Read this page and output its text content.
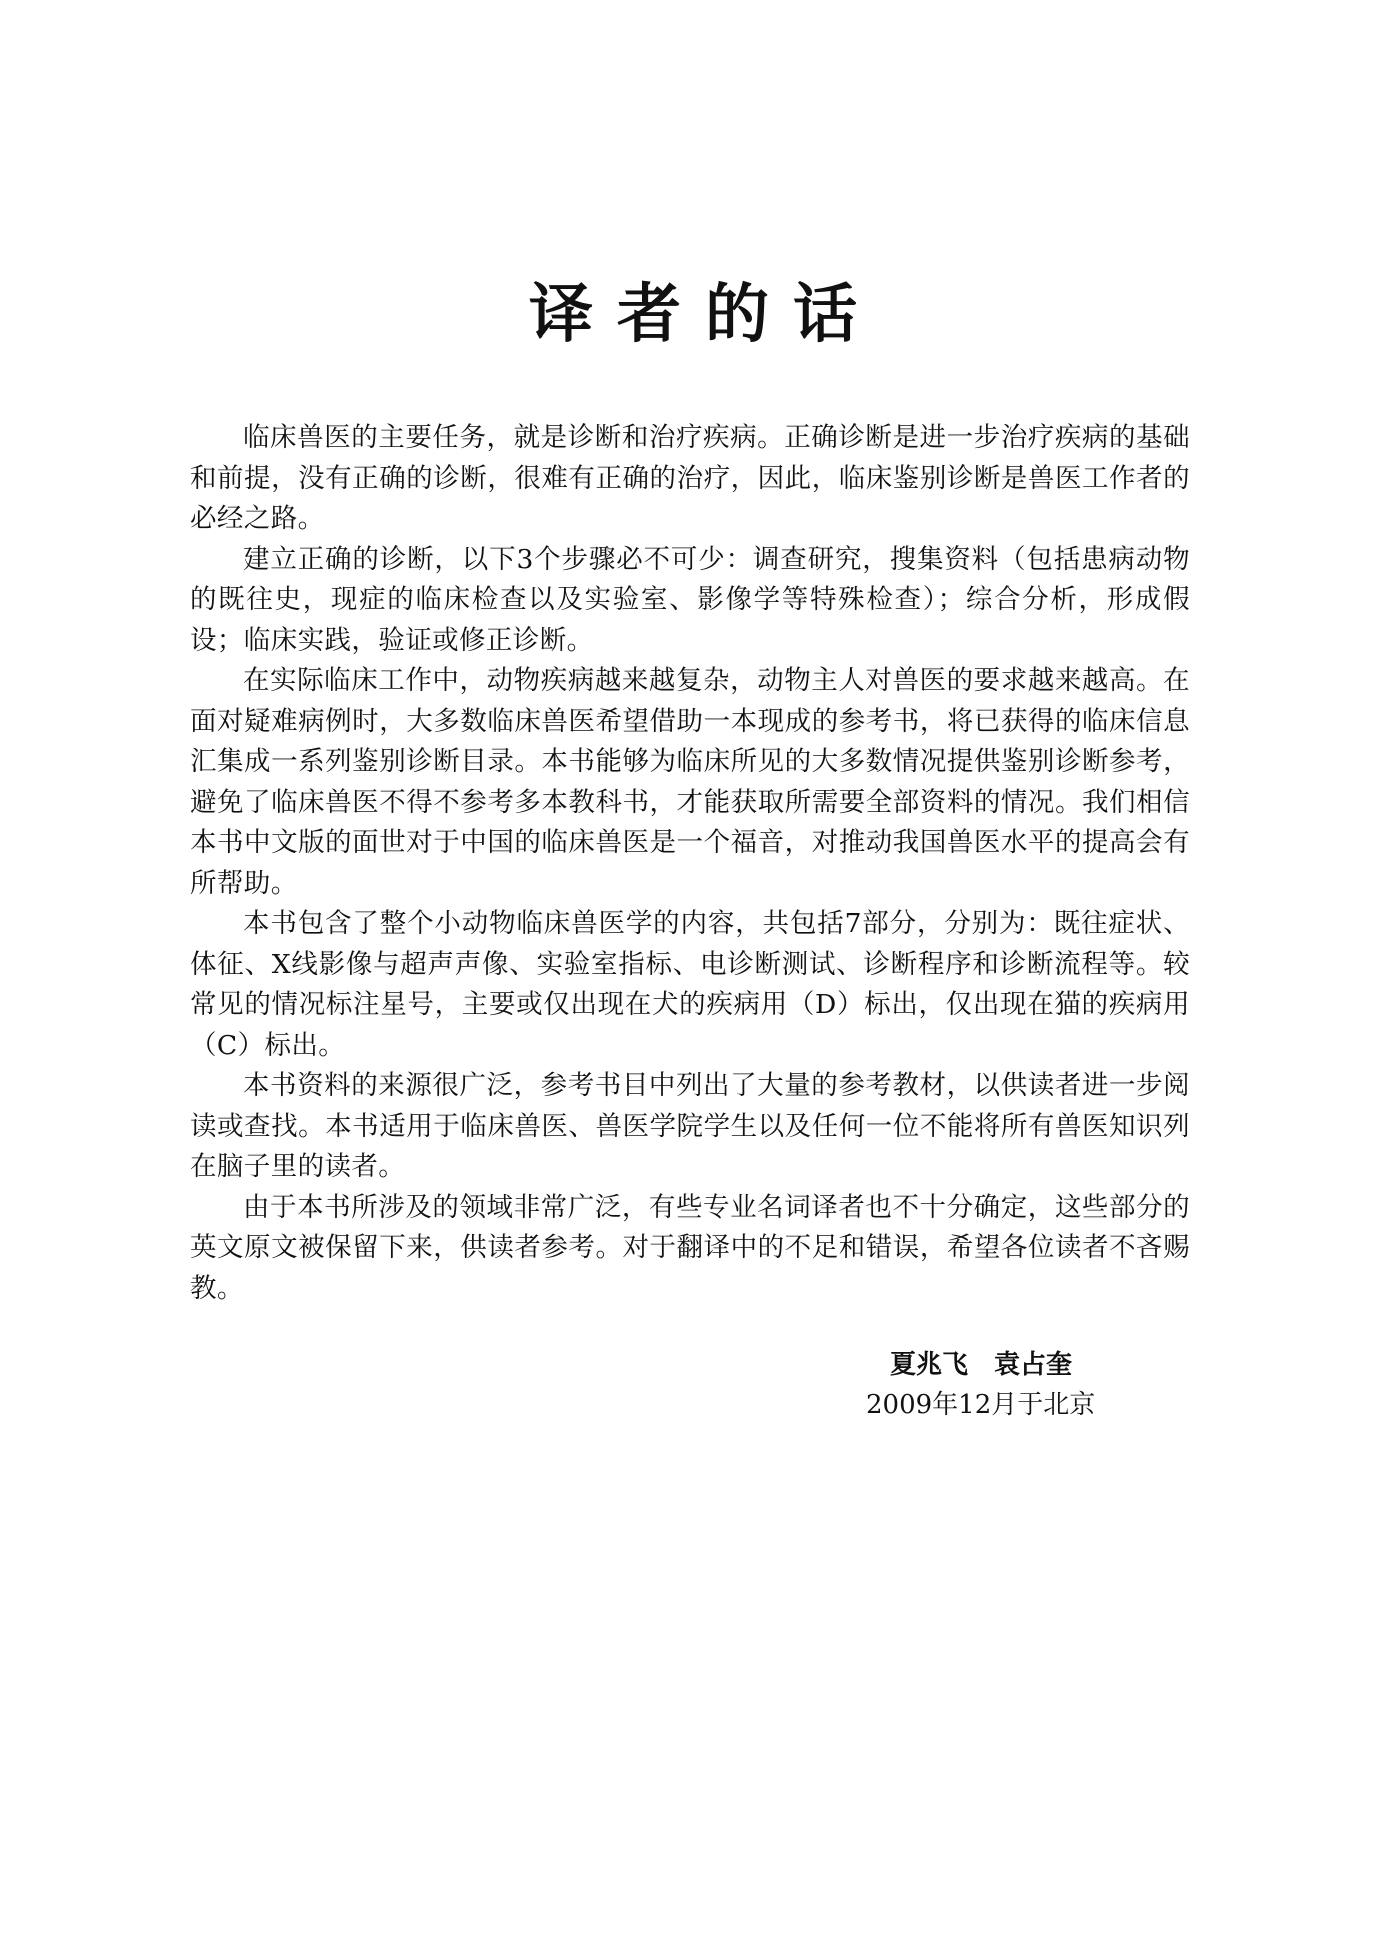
译者的话

临床兽医的主要任务，就是诊断和治疗疾病。正确诊断是进一步治疗疾病的基础和前提，没有正确的诊断，很难有正确的治疗，因此，临床鉴别诊断是兽医工作者的必经之路。

建立正确的诊断，以下3个步骤必不可少：调查研究，搜集资料（包括患病动物的既往史，现症的临床检查以及实验室、影像学等特殊检查）；综合分析，形成假设；临床实践，验证或修正诊断。

在实际临床工作中，动物疾病越来越复杂，动物主人对兽医的要求越来越高。在面对疑难病例时，大多数临床兽医希望借助一本现成的参考书，将已获得的临床信息汇集成一系列鉴别诊断目录。本书能够为临床所见的大多数情况提供鉴别诊断参考，避免了临床兽医不得不参考多本教科书，才能获取所需要全部资料的情况。我们相信本书中文版的面世对于中国的临床兽医是一个福音，对推动我国兽医水平的提高会有所帮助。

本书包含了整个小动物临床兽医学的内容，共包括7部分，分别为：既往症状、体征、X线影像与超声声像、实验室指标、电诊断测试、诊断程序和诊断流程等。较常见的情况标注星号，主要或仅出现在犬的疾病用（D）标出，仅出现在猫的疾病用（C）标出。

本书资料的来源很广泛，参考书目中列出了大量的参考教材，以供读者进一步阅读或查找。本书适用于临床兽医、兽医学院学生以及任何一位不能将所有兽医知识列在脑子里的读者。

由于本书所涉及的领域非常广泛，有些专业名词译者也不十分确定，这些部分的英文原文被保留下来，供读者参考。对于翻译中的不足和错误，希望各位读者不吝赐教。

夏兆飞　袁占奎

2009年12月于北京
